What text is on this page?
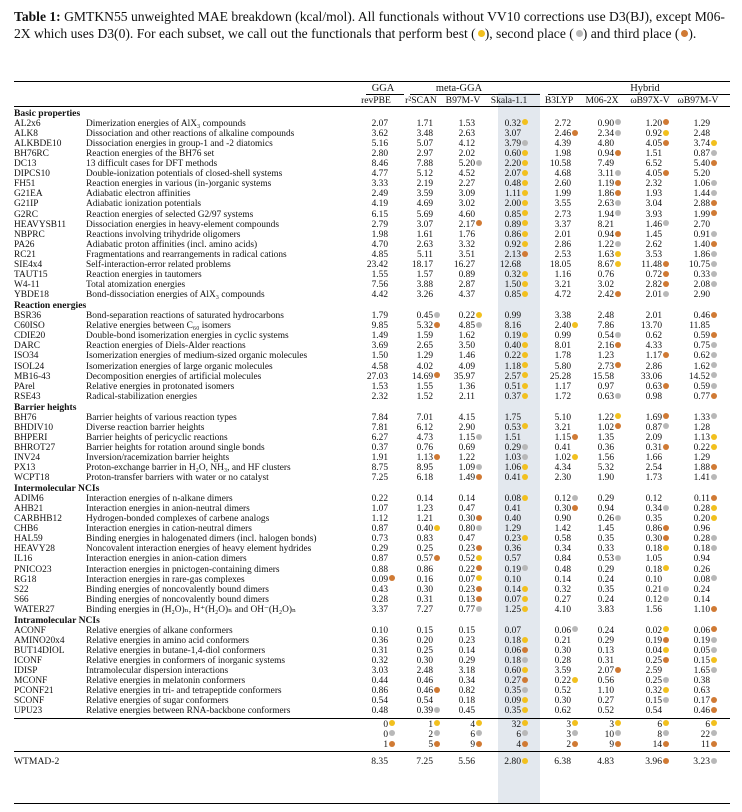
Table 1: GMTKN55 unweighted MAE breakdown (kcal/mol). All functionals without VV10 corrections use D3(BJ), except M06-2X which uses D3(0). For each subset, we call out the functionals that perform best ( ), second place ( ) and third place ( ).
GGA	meta-GGA	Hybrid
revPBE	r²SCAN B97M-V	Skala-1.1	B3LYP	M06-2X	ωB97X-V ωB97M-V
Basic properties
AL2x6	Dimerization energies of AlX₃ compounds	2.07	1.71	1.53	0.32	2.72	0.90	1.20	1.29
ALK8	Dissociation and other reactions of alkaline compounds	3.62	3.48	2.63	3.07	2.46	2.34	0.92	2.48
ALKBDE10	Dissociation energies in group-1 and -2 diatomics	5.16	5.07	4.12	3.79	4.39	4.80	4.05	3.74
BH76RC	Reaction energies of the BH76 set	2.80	2.97	2.02	0.60	1.98	0.94	1.51	0.87
DC13	13 difficult cases for DFT methods	8.46	7.88	5.20	2.20	10.58	7.49	6.52	5.40
DIPCS10	Double-ionization potentials of closed-shell systems	4.77	5.12	4.52	2.07	4.68	3.11	4.05	5.20
FH51	Reaction energies in various (in-)organic systems	3.33	2.19	2.27	0.48	2.60	1.19	2.32	1.06
G21EA	Adiabatic electron affinities	2.49	3.59	3.09	1.11	1.99	1.86	1.93	1.44
G21IP	Adiabatic ionization potentials	4.19	4.69	3.02	2.00	3.55	2.63	3.04	2.88
G2RC	Reaction energies of selected G2/97 systems	6.15	5.69	4.60	0.85	2.73	1.94	3.93	1.99
HEAVYSB11 Dissociation energies in heavy-element compounds	2.79	3.07	2.17	0.89	3.37	8.21	1.46	2.70
NBPRC	Reactions involving trihydride oligomers	1.98	1.61	1.76	0.86	2.01	0.94	1.45	0.91
PA26	Adiabatic proton affinities (incl. amino acids)	4.70	2.63	3.32	0.92	2.86	1.22	2.62	1.40
RC21	Fragmentations and rearrangements in radical cations	4.85	5.11	3.51	2.13	2.53	1.63	3.53	1.86
SIE4x4	Self-interaction-error related problems	23.42	18.17	16.27	12.68	18.05	8.67	11.48	10.75
TAUT15	Reaction energies in tautomers	1.55	1.57	0.89	0.32	1.16	0.76	0.72	0.33
W4-11	Total atomization energies	7.56	3.88	2.87	1.50	3.21	3.02	2.82	2.08
YBDE18	Bond-dissociation energies of AlX₃ compounds	4.42	3.26	4.37	0.85	4.72	2.42	2.01	2.90
Reaction energies
BSR36	Bond-separation reactions of saturated hydrocarbons	1.79	0.45	0.22	0.99	3.38	2.48	2.01	0.46
C60ISO	Relative energies between C₆₀ isomers	9.85	5.32	4.85	8.16	2.40	7.86	13.70	11.85
CDIE20	Double-bond isomerization energies in cyclic systems	1.49	1.59	1.62	0.19	0.99	0.54	0.62	0.59
DARC	Reaction energies of Diels-Alder reactions	3.69	2.65	3.50	0.40	8.01	2.16	4.33	0.75
ISO34	Isomerization energies of medium-sized organic molecules	1.50	1.29	1.46	0.22	1.78	1.23	1.17	0.62
ISOL24	Isomerization energies of large organic molecules	4.58	4.02	4.09	1.18	5.80	2.73	2.86	1.62
MB16-43	Decomposition energies of artificial molecules	27.03	14.69	35.97	2.57	25.28	15.58	33.06	14.52
PArel	Relative energies in protonated isomers	1.53	1.55	1.36	0.51	1.17	0.97	0.63	0.59
RSE43	Radical-stabilization energies	2.32	1.52	2.11	0.37	1.72	0.63	0.98	0.77
Barrier heights
BH76	Barrier heights of various reaction types	7.84	7.01	4.15	1.75	5.10	1.22	1.69	1.33
BHDIV10	Diverse reaction barrier heights	7.81	6.12	2.90	0.53	3.21	1.02	0.87	1.28
BHPERI	Barrier heights of pericyclic reactions	6.27	4.73	1.15	1.51	1.15	1.35	2.09	1.13
BHROT27	Barrier heights for rotation around single bonds	0.37	0.76	0.69	0.29	0.41	0.36	0.31	0.22
INV24	Inversion/racemization barrier heights	1.91	1.13	1.22	1.03	1.02	1.56	1.66	1.29
PX13	Proton-exchange barrier in H₂O, NH₃, and HF clusters	8.75	8.95	1.09	1.06	4.34	5.32	2.54	1.88
WCPT18	Proton-transfer barriers with water or no catalyst	7.25	6.18	1.49	0.41	2.30	1.90	1.73	1.41
Intermolecular NCIs
ADIM6	Interaction energies of n-alkane dimers	0.22	0.14	0.14	0.08	0.12	0.29	0.12	0.11
AHB21	Interaction energies in anion-neutral dimers	1.07	1.23	0.47	0.41	0.30	0.94	0.34	0.28
CARBHB12	Hydrogen-bonded complexes of carbene analogs	1.12	1.21	0.30	0.40	0.90	0.26	0.35	0.20
CHB6	Interaction energies in cation-neutral dimers	0.87	0.40	0.80	1.29	1.42	1.45	0.86	0.96
HAL59	Binding energies in halogenated dimers (incl. halogen bonds)	0.73	0.83	0.47	0.23	0.58	0.35	0.30	0.28
HEAVY28	Noncovalent interaction energies of heavy element hydrides	0.29	0.25	0.23	0.36	0.34	0.33	0.18	0.18
IL16	Interaction energies in anion-cation dimers	0.87	0.57	0.52	0.57	0.84	0.53	1.05	0.94
PNICO23	Interaction energies in pnictogen-containing dimers	0.88	0.86	0.22	0.19	0.48	0.29	0.18	0.26
RG18	Interaction energies in rare-gas complexes	0.09	0.16	0.07	0.10	0.14	0.24	0.10	0.08
S22	Binding energies of noncovalently bound dimers	0.43	0.30	0.23	0.14	0.32	0.35	0.21	0.24
S66	Binding energies of noncovalently bound dimers	0.28	0.31	0.13	0.07	0.27	0.24	0.12	0.14
WATER27	Binding energies in (H₂O)ₙ, H⁺(H₂O)ₙ and OH⁻(H₂O)ₙ	3.37	7.27	0.77	1.25	4.10	3.83	1.56	1.10
Intramolecular NCIs
ACONF	Relative energies of alkane conformers	0.10	0.15	0.15	0.07	0.06	0.24	0.02	0.06
AMINO20x4 Relative energies in amino acid conformers	0.36	0.20	0.23	0.18	0.21	0.29	0.19	0.19
BUT14DIOL Relative energies in butane-1,4-diol conformers	0.31	0.25	0.14	0.06	0.30	0.13	0.04	0.05
ICONF	Relative energies in conformers of inorganic systems	0.32	0.30	0.29	0.18	0.28	0.31	0.25	0.15
IDISP	Intramolecular dispersion interactions	3.03	2.48	3.18	0.60	3.59	2.07	2.59	1.65
MCONF	Relative energies in melatonin conformers	0.44	0.46	0.34	0.27	0.22	0.56	0.25	0.38
PCONF21	Relative energies in tri- and tetrapeptide conformers	0.86	0.46	0.82	0.35	0.52	1.10	0.32	0.63
SCONF	Relative energies of sugar conformers	0.54	0.54	0.18	0.09	0.30	0.27	0.15	0.17
UPU23	Relative energies between RNA-backbone conformers	0.48	0.39	0.45	0.35	0.62	0.52	0.54	0.46
0	1	4	32	3	3	6	6
0	2	6	6	3	10	8	22
1	5	9	4	2	9	14	11
WTMAD-2	8.35	7.25	5.56	2.80	6.38	4.83	3.96	3.23
